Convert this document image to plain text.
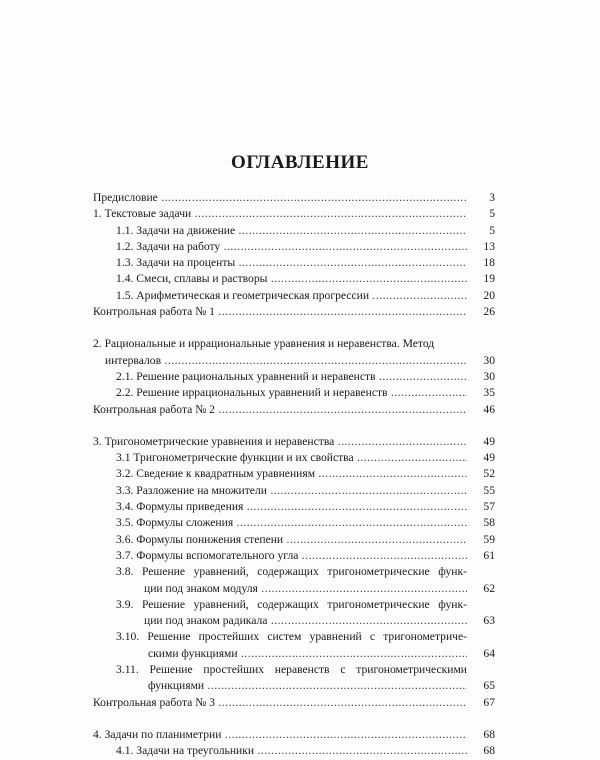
ОГЛАВЛЕНИЕ
Предисловие .....	3
1. Текстовые задачи .....	5
1.1. Задачи на движение .....	5
1.2. Задачи на работу .....	13
1.3. Задачи на проценты .....	18
1.4. Смеси, сплавы и растворы .....	19
1.5. Арифметическая и геометрическая прогрессии .....	20
Контрольная работа № 1 .....	26
2. Рациональные и иррациональные уравнения и неравенства. Метод
интервалов .....	30
2.1. Решение рациональных уравнений и неравенств .....	30
2.2. Решение иррациональных уравнений и неравенств .....	35
Контрольная работа № 2 .....	46
3. Тригонометрические уравнения и неравенства .....	49
3.1 Тригонометрические функции и их свойства .....	49
3.2. Сведение к квадратным уравнениям .....	52
3.3. Разложение на множители .....	55
3.4. Формулы приведения .....	57
3.5. Формулы сложения .....	58
3.6. Формулы понижения степени .....	59
3.7. Формулы вспомогательного угла .....	61
3.8. Решение уравнений, содержащих тригонометрические функ-
ции под знаком модуля .....	62
3.9. Решение уравнений, содержащих тригонометрические функ-
ции под знаком радикала .....	63
3.10. Решение простейших систем уравнений с тригонометриче-
скими функциями .....	64
3.11. Решение простейших неравенств с тригонометрическими
функциями .....	65
Контрольная работа № 3 .....	67
4. Задачи по планиметрии .....	68
4.1. Задачи на треугольники .....	68
